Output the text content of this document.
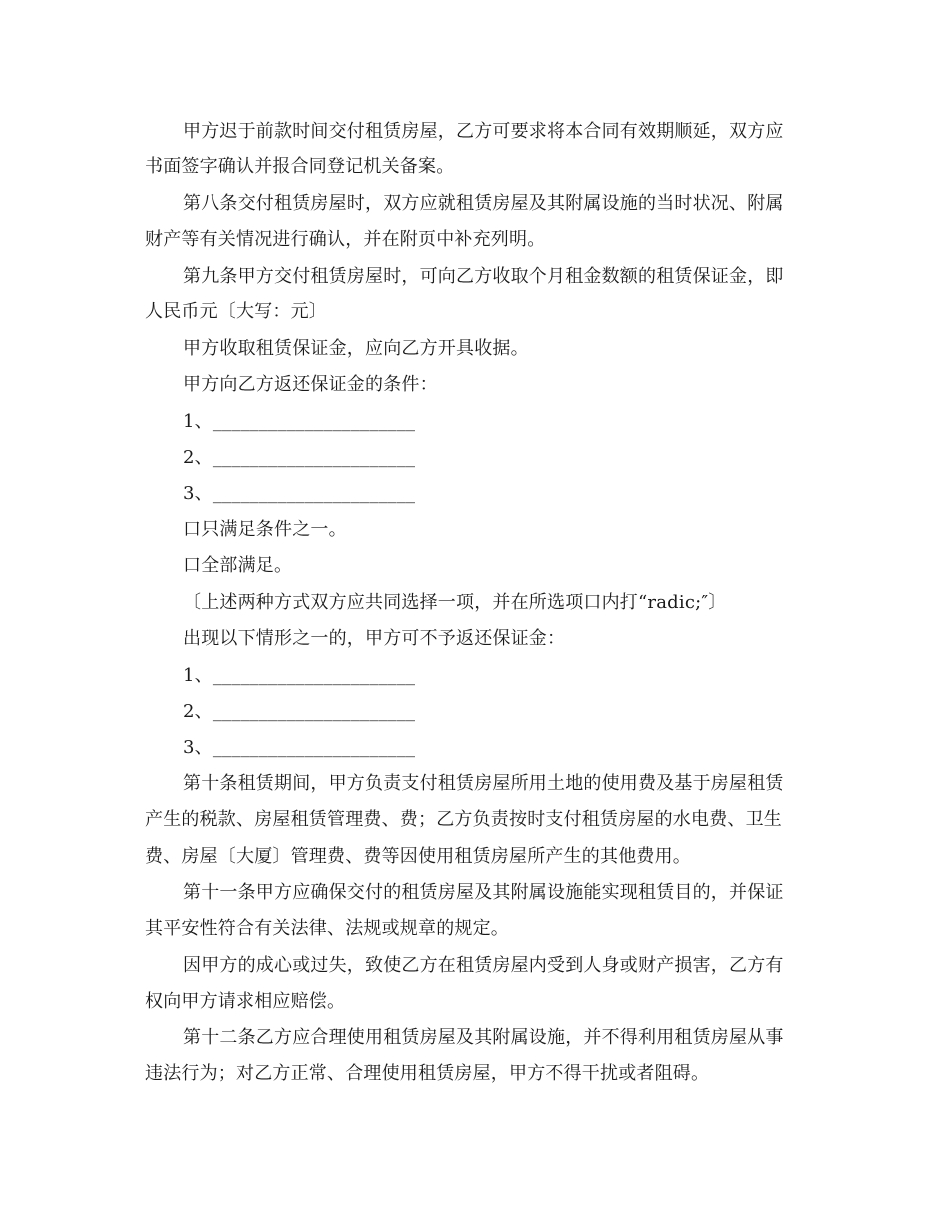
甲方迟于前款时间交付租赁房屋，乙方可要求将本合同有效期顺延，双方应
书面签字确认并报合同登记机关备案。
第八条交付租赁房屋时，双方应就租赁房屋及其附属设施的当时状况、附属
财产等有关情况进行确认，并在附页中补充列明。
第九条甲方交付租赁房屋时，可向乙方收取个月租金数额的租赁保证金，即
人民币元〔大写：元〕
甲方收取租赁保证金，应向乙方开具收据。
甲方向乙方返还保证金的条件：
1、______________________
2、______________________
3、______________________
口只满足条件之一。
口全部满足。
〔上述两种方式双方应共同选择一项，并在所选项口内打“radic;″〕
出现以下情形之一的，甲方可不予返还保证金：
1、______________________
2、______________________
3、______________________
第十条租赁期间，甲方负责支付租赁房屋所用土地的使用费及基于房屋租赁
产生的税款、房屋租赁管理费、费；乙方负责按时支付租赁房屋的水电费、卫生
费、房屋〔大厦〕管理费、费等因使用租赁房屋所产生的其他费用。
第十一条甲方应确保交付的租赁房屋及其附属设施能实现租赁目的，并保证
其平安性符合有关法律、法规或规章的规定。
因甲方的成心或过失，致使乙方在租赁房屋内受到人身或财产损害，乙方有
权向甲方请求相应赔偿。
第十二条乙方应合理使用租赁房屋及其附属设施，并不得利用租赁房屋从事
违法行为；对乙方正常、合理使用租赁房屋，甲方不得干扰或者阻碍。
